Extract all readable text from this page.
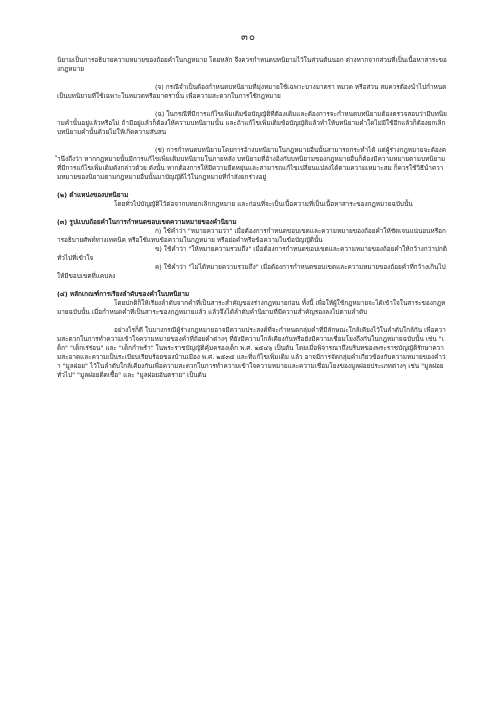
๓๐

นิยามเป็นการอธิบายความหมายของถ้อยคำในกฎหมาย โดยหลัก จึงควรกำหนดบทนิยามไว้ในส่วนต้นนอก ต่างหากจากส่วนที่เป็นเนื้อหาสาระของกฎหมาย

(จ) กรณีจำเป็นต้องกำหนดบทนิยามที่มุ่งหมายใช้เฉพาะบางมาตรา หมวด หรือส่วน สมควรต้องนำไปกำหนดเป็นบทนิยามที่ใช้เฉพาะในหมวดหรือมาตรานั้น เพื่อความสะดวกในการใช้กฎหมาย

(ฉ) ในกรณีที่มีการแก้ไขเพิ่มเติมข้อบัญญัติที่ต้องเดิมและต้องการจะกำหนดบทนิยามต้องตรวจสอบว่ามีบทนิยามคำนั้นอยู่แล้วหรือไม่ ถ้ามีอยู่แล้วก็ต้องให้ความบทนิยามนั้น และถ้าแก้ไขเพิ่มเติมข้อบัญญัติแล้วทำให้บทนิยามคำใดไม่มีใช้อีกแล้วก็ต้องยกเลิกบทนิยามคำนั้นด้วยไม่ให้เกิดความสับสน

(ช) การกำหนดบทนิยามโดยการอ้างบทนิยามในกฎหมายอื่นนั้นสามารถกระทำได้ แต่ผู้ร่างกฎหมายจะต้องคำนึงถึงว่า หากกฎหมายนั้นมีการแก้ไขเพิ่มเติมบทนิยามในภายหลัง บทนิยามที่อ้างอิงกับบทนิยามของกฎหมายอื่นก็ต้องมีความหมายตามบทนิยามที่มีการแก้ไขเพิ่มเติมดังกล่าวด้วย ดังนั้น หากต้องการให้มีความยืดหยุ่นและสามารถแก้ไขเปลี่ยนแปลงได้ตามความเหมาะสม ก็ควรใช้วิธีนำความหมายของนิยามตามกฎหมายอื่นนั้นมาบัญญัติไว้ในกฎหมายที่กำลังยกร่างอยู่

(๒) ตำแหน่งของบทนิยาม

โดยทั่วไปบัญญัติไว้ต่อจากบทยกเลิกกฎหมาย และก่อนที่จะเป็นเนื้อความที่เป็นเนื้อหาสาระของกฎหมายฉบับนั้น

(๓) รูปแบบถ้อยคำในการกำหนดขอบเขตความหมายของคำนิยาม

ก) ใช้คำว่า "หมายความว่า" เมื่อต้องการกำหนดขอบเขตและความหมายของถ้อยคำให้ชัดเจนแน่นอนหรือการอธิบายศัพท์ทางเทคนิค หรือใช้แทนข้อความในกฎหมาย หรือย่อคำหรือข้อความในข้อบัญญัตินั้น

ข) ใช้คำว่า "ให้หมายความรวมถึง" เมื่อต้องการกำหนดขอบเขตและความหมายของถ้อยคำให้กว้างกว่าปกติทั่วไปที่เข้าใจ

ค) ใช้คำว่า "ไม่ได้หมายความรวมถึง" เมื่อต้องการกำหนดขอบเขตและความหมายของถ้อยคำที่กว้างเกินไปให้มีขอบเขตที่แคบลง

(๔) หลักเกณฑ์การเรียงลำดับของคำในบทนิยาม

โดยปกติก็ให้เรียงลำดับจากคำที่เป็นสาระสำคัญของร่างกฎหมายก่อน ทั้งนี้ เพื่อให้ผู้ใช้กฎหมายจะได้เข้าใจในสาระของกฎหมายฉบับนั้น เมื่อกำหนดคำที่เป็นสาระของกฎหมายแล้ว แล้วจึงได้ลำดับคำนิยามที่มีความสำคัญรองลงไปตามลำดับ

อย่างไรก็ดี ในบางกรณีผู้ร่างกฎหมายอาจมีความประสงค์ที่จะกำหนดกลุ่มคำที่มีลักษณะใกล้เคียงไว้ในลำดับใกล้กัน เพื่อความสะดวกในการทำความเข้าใจความหมายของคำที่ถ้อยคำต่างๆ ที่ยังมีความใกล้เคียงกันหรือยังมีความเชื่อมโยงถึงกันในกฎหมายฉบับนั้น เช่น "เด็ก" "เด็กเร่ร่อน" และ "เด็กกำพร้า" ในพระราชบัญญัติคุ้มครองเด็ก พ.ศ. ๒๕๔๖ เป็นต้น โดยเมื่อพิจารณาถึงบริบทของพระราชบัญญัติรักษาความสะอาดและความเป็นระเบียบเรียบร้อยของบ้านเมือง พ.ศ. ๒๕๓๕ และที่แก้ไขเพิ่มเติม แล้ว อาจมีการจัดกลุ่มคำเกี่ยวข้องกับความหมายของคำว่า "มูลฝอย" ไว้ในลำดับใกล้เคียงกันเพื่อความสะดวกในการทำความเข้าใจความหมายและความเชื่อมโยงของมูลฝอยประเภทต่างๆ เช่น "มูลฝอยทั่วไป" "มูลฝอยติดเชื้อ" และ "มูลฝอยอันตราย" เป็นต้น
